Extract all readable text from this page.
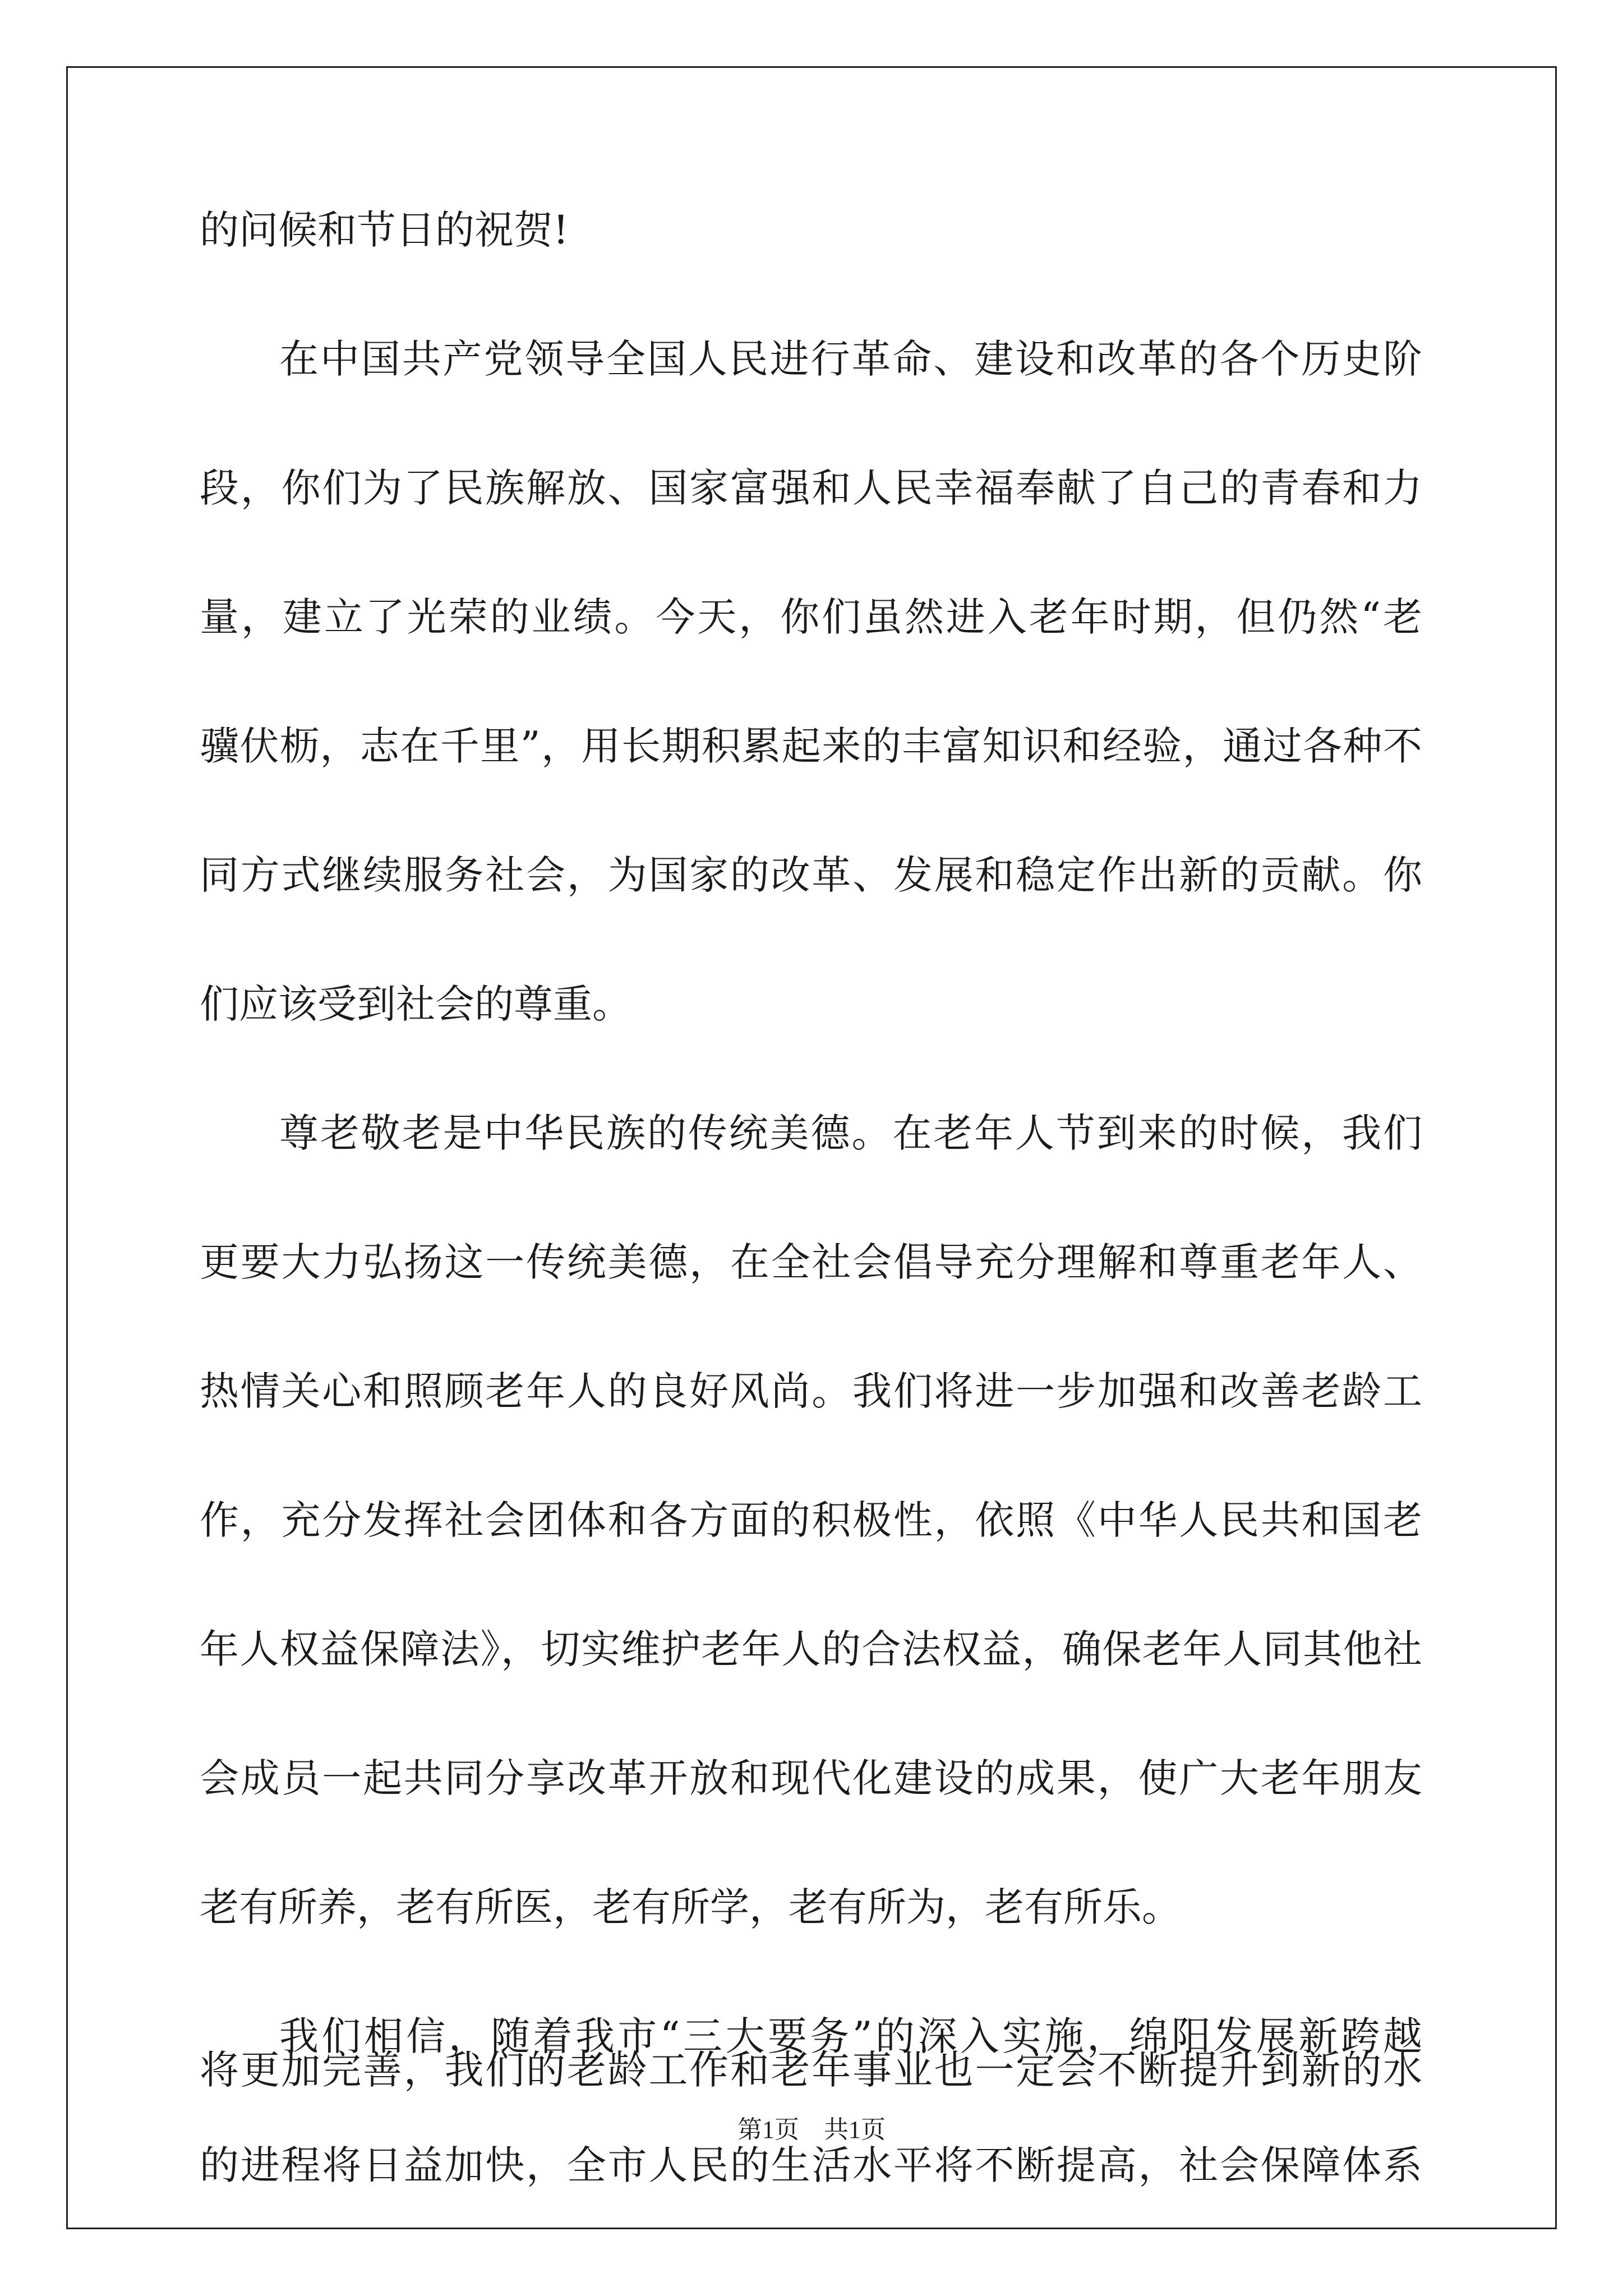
的问候和节日的祝贺!
在中国共产党领导全国人民进行革命、建设和改革的各个历史阶
段，你们为了民族解放、国家富强和人民幸福奉献了自己的青春和力
量，建立了光荣的业绩。今天，你们虽然进入老年时期，但仍然“老
骥伏枥，志在千里”，用长期积累起来的丰富知识和经验，通过各种不
同方式继续服务社会，为国家的改革、发展和稳定作出新的贡献。你
们应该受到社会的尊重。
尊老敬老是中华民族的传统美德。在老年人节到来的时候，我们
更要大力弘扬这一传统美德，在全社会倡导充分理解和尊重老年人、
热情关心和照顾老年人的良好风尚。我们将进一步加强和改善老龄工
作，充分发挥社会团体和各方面的积极性，依照《中华人民共和国老
年人权益保障法》，切实维护老年人的合法权益，确保老年人同其他社
会成员一起共同分享改革开放和现代化建设的成果，使广大老年朋友
老有所养，老有所医，老有所学，老有所为，老有所乐。
我们相信，随着我市“三大要务”的深入实施，绵阳发展新跨越
的进程将日益加快，全市人民的生活水平将不断提高，社会保障体系
将更加完善，我们的老龄工作和老年事业也一定会不断提升到新的水
第1页　共1页
